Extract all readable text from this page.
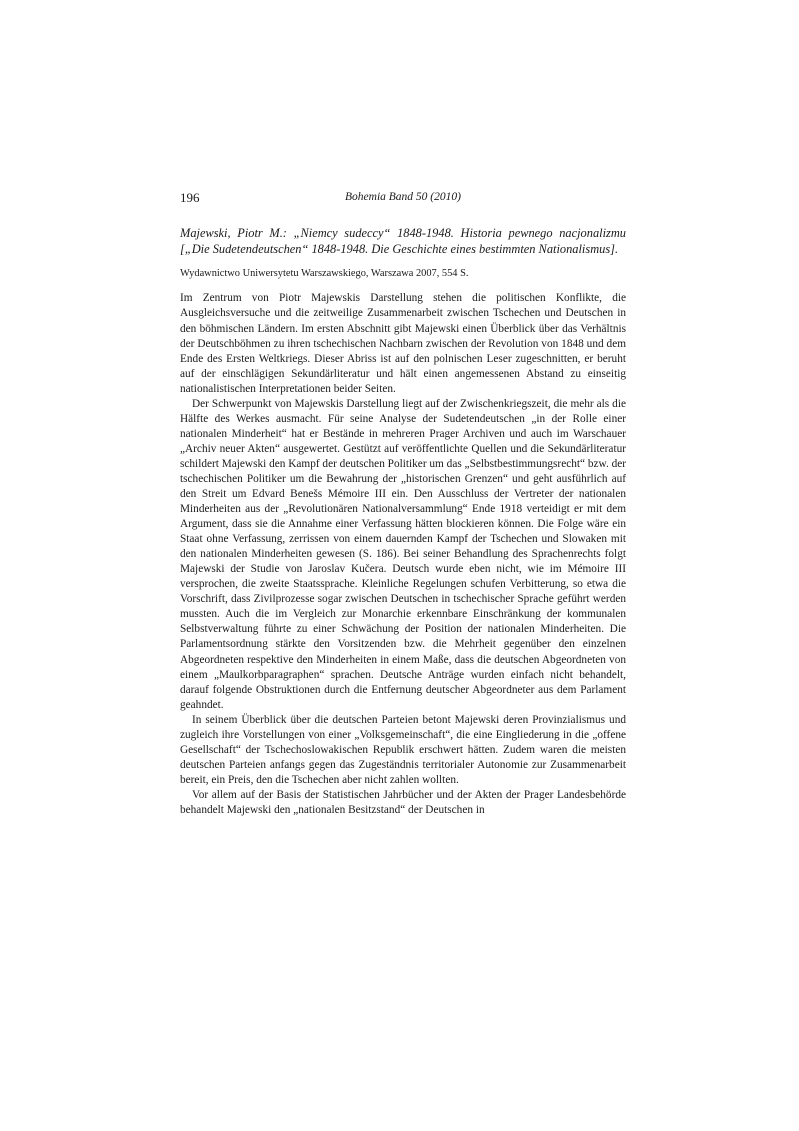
196	Bohemia Band 50 (2010)
Majewski, Piotr M.: „Niemcy sudeccy“ 1848-1948. Historia pewnego nacjonalizmu [„Die Sudetendeutschen“ 1848-1948. Die Geschichte eines bestimmten Nationalismus].
Wydawnictwo Uniwersytetu Warszawskiego, Warszawa 2007, 554 S.

Im Zentrum von Piotr Majewskis Darstellung stehen die politischen Konflikte, die Ausgleichsversuche und die zeitweilige Zusammenarbeit zwischen Tschechen und Deutschen in den böhmischen Ländern. Im ersten Abschnitt gibt Majewski einen Überblick über das Verhältnis der Deutschböhmen zu ihren tschechischen Nachbarn zwischen der Revolution von 1848 und dem Ende des Ersten Weltkriegs. Dieser Abriss ist auf den polnischen Leser zugeschnitten, er beruht auf der einschlägigen Sekundärliteratur und hält einen angemessenen Abstand zu einseitig nationalistischen Interpretationen beider Seiten.

Der Schwerpunkt von Majewskis Darstellung liegt auf der Zwischenkriegszeit, die mehr als die Hälfte des Werkes ausmacht. Für seine Analyse der Sudetendeutschen „in der Rolle einer nationalen Minderheit“ hat er Bestände in mehreren Prager Archiven und auch im Warschauer „Archiv neuer Akten“ ausgewertet. Gestützt auf veröffentlichte Quellen und die Sekundärliteratur schildert Majewski den Kampf der deutschen Politiker um das „Selbstbestimmungsrecht“ bzw. der tschechischen Politiker um die Bewahrung der „historischen Grenzen“ und geht ausführlich auf den Streit um Edvard Benešs Mémoire III ein. Den Ausschluss der Vertreter der nationalen Minderheiten aus der „Revolutionären Nationalversammlung“ Ende 1918 verteidigt er mit dem Argument, dass sie die Annahme einer Verfassung hätten blockieren können. Die Folge wäre ein Staat ohne Verfassung, zerrissen von einem dauernden Kampf der Tschechen und Slowaken mit den nationalen Minderheiten gewesen (S. 186). Bei seiner Behandlung des Sprachenrechts folgt Majewski der Studie von Jaroslav Kučera. Deutsch wurde eben nicht, wie im Mémoire III versprochen, die zweite Staatssprache. Kleinliche Regelungen schufen Verbitterung, so etwa die Vorschrift, dass Zivilprozesse sogar zwischen Deutschen in tschechischer Sprache geführt werden mussten. Auch die im Vergleich zur Monarchie erkennbare Einschränkung der kommunalen Selbstverwaltung führte zu einer Schwächung der Position der nationalen Minderheiten. Die Parlamentsordnung stärkte den Vorsitzenden bzw. die Mehrheit gegenüber den einzelnen Abgeordneten respektive den Minderheiten in einem Maße, dass die deutschen Abgeordneten von einem „Maulkorbparagraphen“ sprachen. Deutsche Anträge wurden einfach nicht behandelt, darauf folgende Obstruktionen durch die Entfernung deutscher Abgeordneter aus dem Parlament geahndet.

In seinem Überblick über die deutschen Parteien betont Majewski deren Provinzialismus und zugleich ihre Vorstellungen von einer „Volksgemeinschaft“, die eine Eingliederung in die „offene Gesellschaft“ der Tschechoslowakischen Republik erschwert hätten. Zudem waren die meisten deutschen Parteien anfangs gegen das Zugeständnis territorialer Autonomie zur Zusammenarbeit bereit, ein Preis, den die Tschechen aber nicht zahlen wollten.

Vor allem auf der Basis der Statistischen Jahrbücher und der Akten der Prager Landesbehörde behandelt Majewski den „nationalen Besitzstand“ der Deutschen in
